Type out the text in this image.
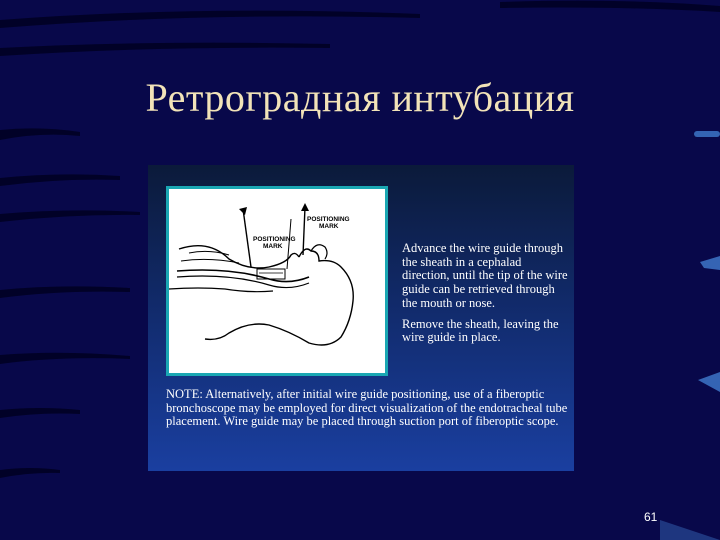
Ретроградная интубация
POSITIONING
MARK
POSITIONING
MARK

Advance the wire guide through the sheath in a cephalad direction, until the tip of the wire guide can be retrieved through the mouth or nose.

Remove the sheath, leaving the wire guide in place.

NOTE: Alternatively, after initial wire guide positioning, use of a fiberoptic bronchoscope may be employed for direct visualization of the endotracheal tube placement. Wire guide may be placed through suction port of fiberoptic scope.
61
